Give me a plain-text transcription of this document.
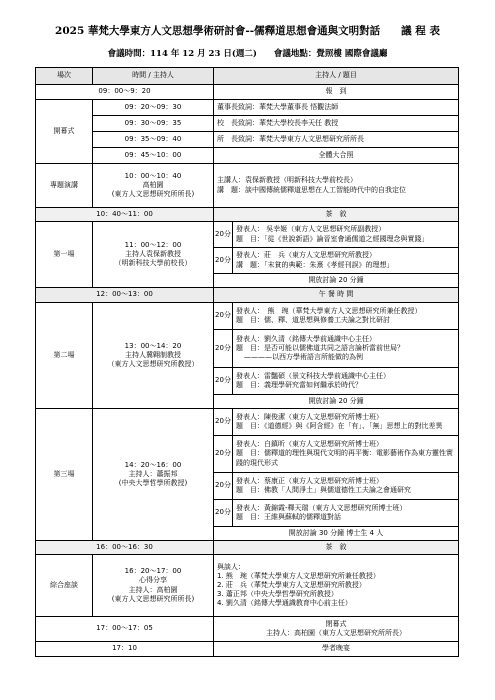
2025 華梵大學東方人文思想學術研討會--儒釋道思想會通與文明對話　　議 程 表
會議時間：114 年 12 月 23 日(週二)　　會議地點：覺照樓 國際會議廳
場次	時間 / 主持人	主持人 / 題目	
09：00～9：20		報　到	
開幕式	09：20～09：30	董事長致詞：華梵大學董事長 悟觀法師	
	09：30～09：35	校　長致詞：華梵大學校長李天任 教授	
	09：35～09：40	所　長致詞：華梵大學東方人文思想研究所所長	
	09：45～10：00	全體大合照	
專題演講	10：00～10：40
高柏園
(東方人文思想研究所所長)	主講人：袁保新教授（明新科技大學前校長）
講　題：談中國傳統儒釋道思想在人工智能時代中的自我定位	

10：40～11：00		茶　敘	
第一場	11：00～12：00
主持人袁保新教授
（明新科技大學前校長）	20分	發表人： 吳幸姬（東方人文思想研究所副教授）
題　目：「從《世說新語》論晉室會通儒道之經國理念與實踐」

		20分	發表人：莊　兵（東方人文思想研究所教授）
講　題：「末貧的典範：朱熹《孝經刊誤》的理想」

		開放討論 20 分鐘	
12：00～13：00		午 餐 時 間	
第二場	13：00～14：20
主持人冀翺制教授
（東方人文思想研究所教授）	20分	發表人：　熊　琬（華梵大學東方人文思想研究所兼任教授）
題　目：儒、釋、道思想與修養工夫論之對比研討

		20分	發表人：劉久清（銘傳大學前通識中心主任）
題　目：是否可能以儒佛道共同之語言論析當前世局？
————以西方學術語言所能做的為例

		20分	發表人：雷豔碩（景文科技大學前通識中心主任）
題　目：義理學研究當如何繼承於時代？

		開放討論 20 分鐘	
第三場	14：20～16：00
主持人：蕭振邦
(中央大學哲學所教授)	20分	發表人：陳俊潔（東方人文思想研究所博士班）
題　目：《道德經》與《阿含經》在「有」、「無」思想上的對比差異

		20分	發表人：白鎮昕（東方人文思想研究所博士班）
題　目：儒釋道的理性與現代文明的再平衡：電影藝術作為東方靈性實踐的現代形式

		20分	發表人：蔡康正（東方人文思想研究所博士班）
題　目：佛教「人間淨土」與儒道德性工夫論之會通研究

		20分	發表人：黃錦霞-釋天瑞（東方人文思想研究所博士班）
題　目：王維與蘇軾的儒釋道對話

		開放討論 30 分鐘 博士生 4 人	
16：00～16：30		茶　敘	
綜合座談	16：20～17：00
心得分享
主持人：高柏園
(東方人文思想研究所所長)	與談人：
1. 熊　琬（華梵大學東方人文思想研究所兼任教授）
2. 莊　兵（華梵大學東方人文思想研究所教授）
3. 蕭正邦（中央大學哲學研究所教授）
4. 劉久清（銘傳大學通識教育中心前主任）	

17：00～17：05		閉幕式
主持人：高柏園（東方人文思想研究所所長）	

17：10		學者晚宴	
